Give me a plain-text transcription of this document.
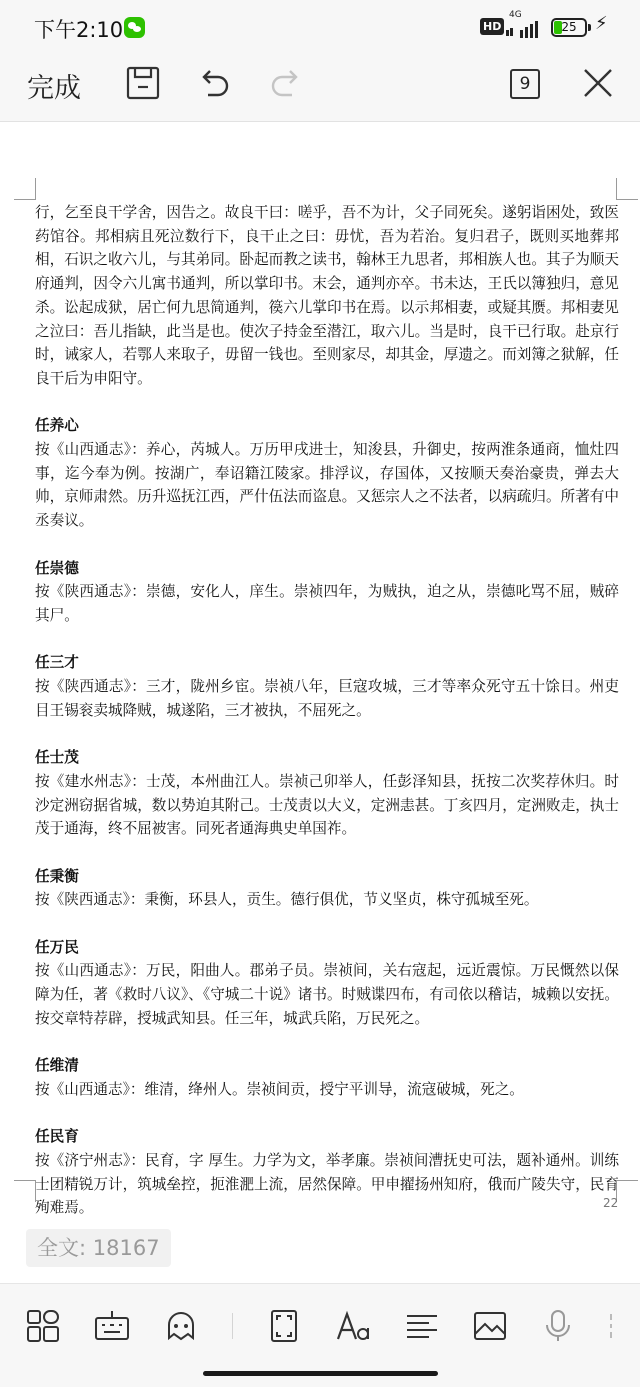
下午2:10	HD
4G
25	⚡
完成	9

行，乞至良干学舍，因告之。故良干曰：嗟乎，吾不为计，父子同死矣。遂躬诣困处，致医药馆谷。邦相病且死泣数行下，良干止之曰：毋忧，吾为若治。复归君子，既则买地葬邦相，石识之收六儿，与其弟同。卧起而教之读书，翰林王九思者，邦相族人也。其子为顺天府通判，因令六儿寓书通判，所以掌印书。末会，通判亦卒。书未达，王氏以簿独归，意见杀。讼起成狱，居亡何九思简通判，篌六儿掌印书在焉。以示邦相妻，或疑其赝。邦相妻见之泣曰：吾儿指缺，此当是也。使次子持金至潜江，取六儿。当是时，良干已行取。赴京行时，诫家人，若鄂人来取子，毋留一钱也。至则家尽，却其金，厚遗之。而刘簿之狱解，任良干后为申阳守。

任养心

按《山西通志》：养心，芮城人。万历甲戌进士，知浚县，升御史，按两淮条通商，恤灶四事，迄今奉为例。按湖广，奉诏籍江陵家。排浮议，存国体，又按顺天奏治豪贵，弹去大帅，京师肃然。历升巡抚江西，严什伍法而盗息。又惩宗人之不法者，以病疏归。所著有中丞奏议。

任崇德

按《陕西通志》：崇德，安化人，庠生。崇祯四年，为贼执，迫之从，崇德叱骂不屈，贼碎其尸。

任三才

按《陕西通志》：三才，陇州乡宦。崇祯八年，巨寇攻城，三才等率众死守五十馀日。州吏目王锡衮卖城降贼，城遂陷，三才被执，不屈死之。

任士茂

按《建水州志》：士茂，本州曲江人。崇祯己卯举人，任彭泽知县，抚按二次奖荐休归。时沙定洲窃据省城，数以势迫其附己。士茂责以大义，定洲恚甚。丁亥四月，定洲败走，执士茂于通海，终不屈被害。同死者通海典史单国祚。

任秉衡

按《陕西通志》：秉衡，环县人，贡生。德行俱优，节义坚贞，株守孤城至死。

任万民

按《山西通志》：万民，阳曲人。郡弟子员。崇祯间，关右寇起，远近震惊。万民慨然以保障为任，著《救时八议》、《守城二十说》诸书。时贼谍四布，有司依以稽诘，城赖以安抚。按交章特荐辟，授城武知县。任三年，城武兵陷，万民死之。

任维清

按《山西通志》：维清，绛州人。崇祯间贡，授宁平训导，流寇破城，死之。

任民育

按《济宁州志》：民育，字 厚生。力学为文，举孝廉。崇祯间漕抚史可法，题补通州。训练士团精锐万计，筑城垒控，扼淮淝上流，居然保障。甲申擢扬州知府，俄而广陵失守，民育殉难焉。	22
全文: 18167
